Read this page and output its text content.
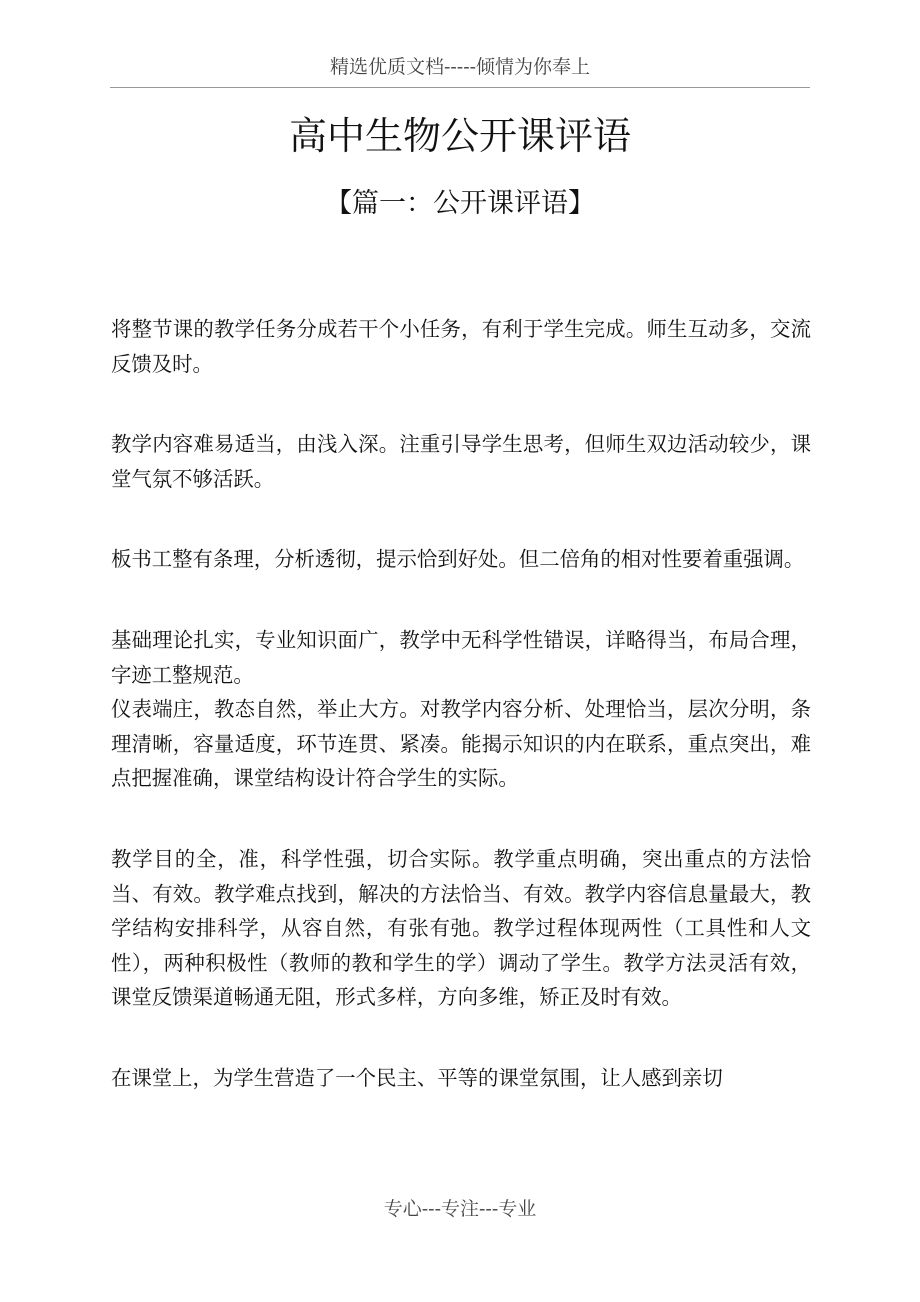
精选优质文档-----倾情为你奉上
高中生物公开课评语
【篇一：公开课评语】

将整节课的教学任务分成若干个小任务，有利于学生完成。师生互动多，交流反馈及时。

教学内容难易适当，由浅入深。注重引导学生思考，但师生双边活动较少，课堂气氛不够活跃。

板书工整有条理，分析透彻，提示恰到好处。但二倍角的相对性要着重强调。

基础理论扎实，专业知识面广，教学中无科学性错误，详略得当，布局合理，字迹工整规范。

仪表端庄，教态自然，举止大方。对教学内容分析、处理恰当，层次分明，条理清晰，容量适度，环节连贯、紧凑。能揭示知识的内在联系，重点突出，难点把握准确，课堂结构设计符合学生的实际。

教学目的全，准，科学性强，切合实际。教学重点明确，突出重点的方法恰当、有效。教学难点找到，解决的方法恰当、有效。教学内容信息量最大，教学结构安排科学，从容自然，有张有弛。教学过程体现两性（工具性和人文性），两种积极性（教师的教和学生的学）调动了学生。教学方法灵活有效，课堂反馈渠道畅通无阻，形式多样，方向多维，矫正及时有效。

在课堂上，为学生营造了一个民主、平等的课堂氛围，让人感到亲切

专心---专注---专业
